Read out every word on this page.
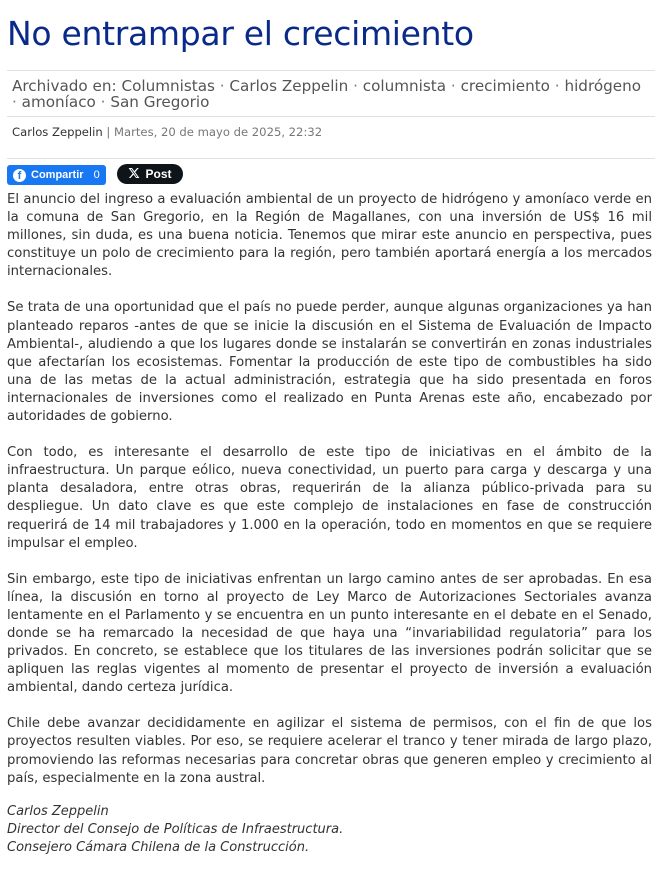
No entrampar el crecimiento
Archivado en: Columnistas · Carlos Zeppelin · columnista · crecimiento · hidrógeno · amoníaco · San Gregorio
Carlos Zeppelin | Martes, 20 de mayo de 2025, 22:32
f Compartir 0	Post

El anuncio del ingreso a evaluación ambiental de un proyecto de hidrógeno y amoníaco verde en la comuna de San Gregorio, en la Región de Magallanes, con una inversión de US$ 16 mil millones, sin duda, es una buena noticia. Tenemos que mirar este anuncio en perspectiva, pues constituye un polo de crecimiento para la región, pero también aportará energía a los mercados internacionales.

Se trata de una oportunidad que el país no puede perder, aunque algunas organizaciones ya han planteado reparos -antes de que se inicie la discusión en el Sistema de Evaluación de Impacto Ambiental-, aludiendo a que los lugares donde se instalarán se convertirán en zonas industriales que afectarían los ecosistemas. Fomentar la producción de este tipo de combustibles ha sido una de las metas de la actual administración, estrategia que ha sido presentada en foros internacionales de inversiones como el realizado en Punta Arenas este año, encabezado por autoridades de gobierno.

Con todo, es interesante el desarrollo de este tipo de iniciativas en el ámbito de la infraestructura. Un parque eólico, nueva conectividad, un puerto para carga y descarga y una planta desaladora, entre otras obras, requerirán de la alianza público-privada para su despliegue. Un dato clave es que este complejo de instalaciones en fase de construcción requerirá de 14 mil trabajadores y 1.000 en la operación, todo en momentos en que se requiere impulsar el empleo.

Sin embargo, este tipo de iniciativas enfrentan un largo camino antes de ser aprobadas. En esa línea, la discusión en torno al proyecto de Ley Marco de Autorizaciones Sectoriales avanza lentamente en el Parlamento y se encuentra en un punto interesante en el debate en el Senado, donde se ha remarcado la necesidad de que haya una “invariabilidad regulatoria” para los privados. En concreto, se establece que los titulares de las inversiones podrán solicitar que se apliquen las reglas vigentes al momento de presentar el proyecto de inversión a evaluación ambiental, dando certeza jurídica.

Chile debe avanzar decididamente en agilizar el sistema de permisos, con el fin de que los proyectos resulten viables. Por eso, se requiere acelerar el tranco y tener mirada de largo plazo, promoviendo las reformas necesarias para concretar obras que generen empleo y crecimiento al país, especialmente en la zona austral.

Carlos Zeppelin
Director del Consejo de Políticas de Infraestructura.
Consejero Cámara Chilena de la Construcción.
